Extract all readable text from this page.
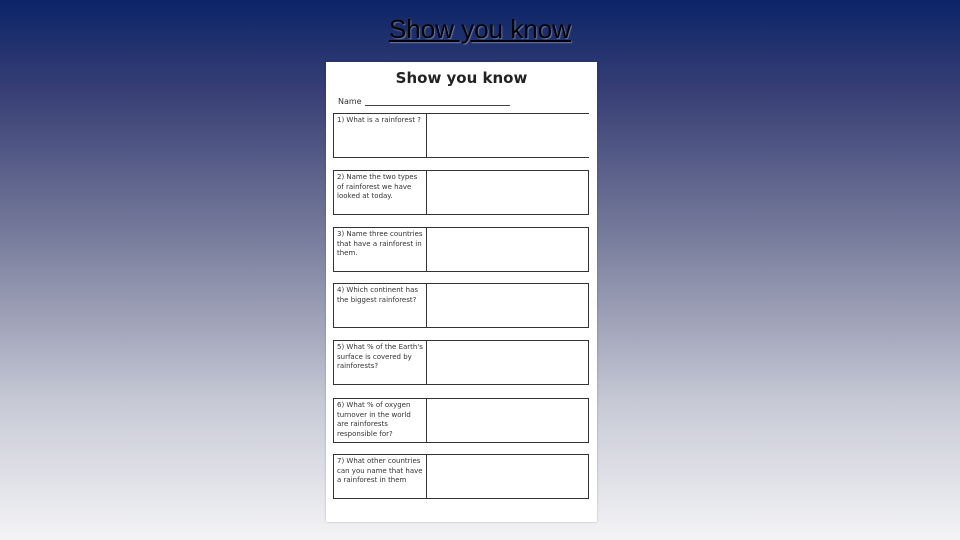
Show you know
Show you know
Name
1) What is a rainforest ?
2) Name the two types of rainforest we have looked at today.
3) Name three countries that have a rainforest in them.
4) Which continent has the biggest rainforest?
5) What % of the Earth's surface is covered by rainforests?
6) What % of oxygen turnover in the world are rainforests responsible for?
7) What other countries can you name that have a rainforest in them
